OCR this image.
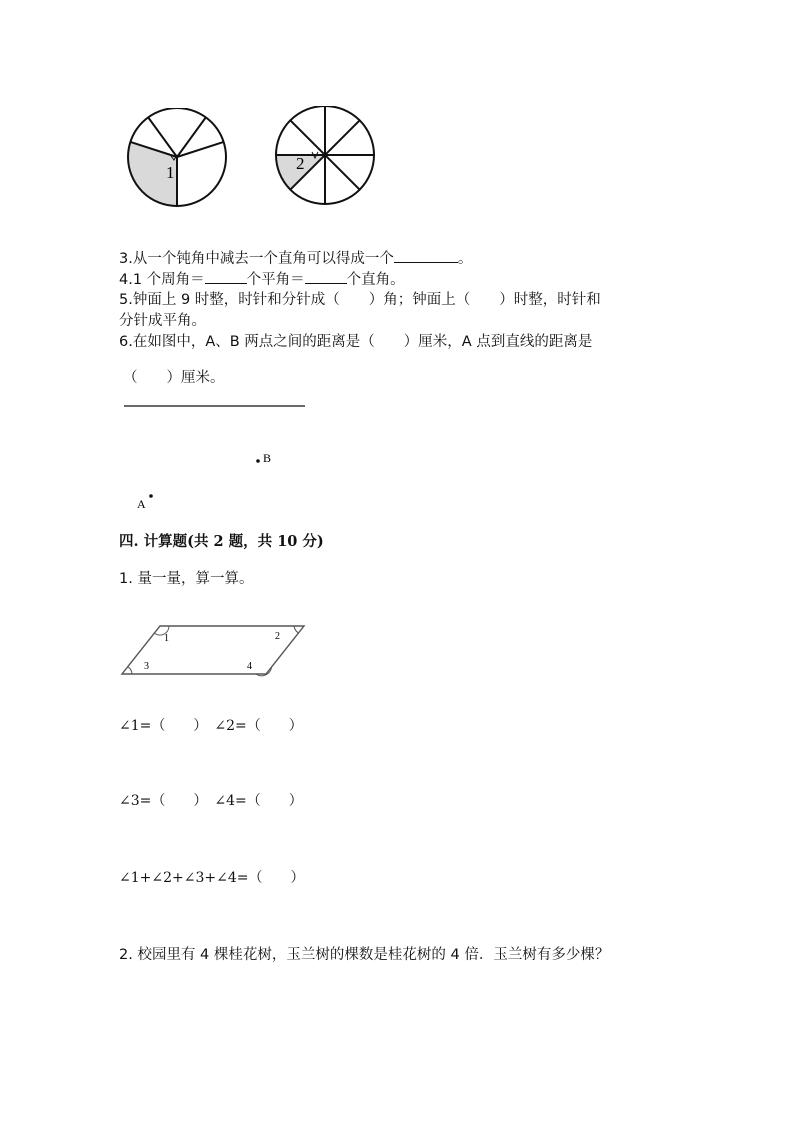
1	2
3.从一个钝角中减去一个直角可以得成一个	。
4.1 个周角＝	个平角＝	个直角。
5.钟面上 9 时整，时针和分针成（　　）角；钟面上（　　）时整，时针和
分针成平角。
6.在如图中，A、B 两点之间的距离是（　　）厘米，A 点到直线的距离是
（　　）厘米。
B
A
四. 计算题(共 2 题，共 10 分)
1. 量一量，算一算。
1	2
3	4
∠1=（　　）　∠2=（　　）
∠3=（　　）　∠4=（　　）
∠1+∠2+∠3+∠4=（　　）
2. 校园里有 4 棵桂花树，玉兰树的棵数是桂花树的 4 倍．玉兰树有多少棵？
